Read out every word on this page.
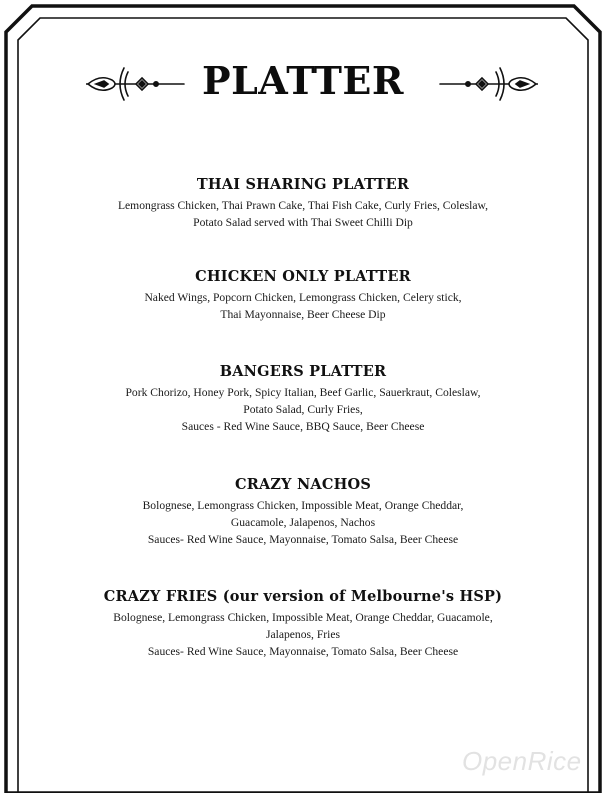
PLATTER
THAI SHARING PLATTER
Lemongrass Chicken, Thai Prawn Cake, Thai Fish Cake, Curly Fries, Coleslaw,
Potato Salad served with Thai Sweet Chilli Dip
CHICKEN ONLY PLATTER
Naked Wings, Popcorn Chicken, Lemongrass Chicken, Celery stick,
Thai Mayonnaise, Beer Cheese Dip
BANGERS PLATTER
Pork Chorizo, Honey Pork, Spicy Italian, Beef Garlic, Sauerkraut, Coleslaw,
Potato Salad, Curly Fries,
Sauces - Red Wine Sauce, BBQ Sauce, Beer Cheese
CRAZY NACHOS
Bolognese, Lemongrass Chicken, Impossible Meat, Orange Cheddar,
Guacamole, Jalapenos, Nachos
Sauces- Red Wine Sauce, Mayonnaise, Tomato Salsa, Beer Cheese
CRAZY FRIES (our version of Melbourne's HSP)
Bolognese, Lemongrass Chicken, Impossible Meat, Orange Cheddar, Guacamole,
Jalapenos, Fries
Sauces- Red Wine Sauce, Mayonnaise, Tomato Salsa, Beer Cheese
OpenRice
